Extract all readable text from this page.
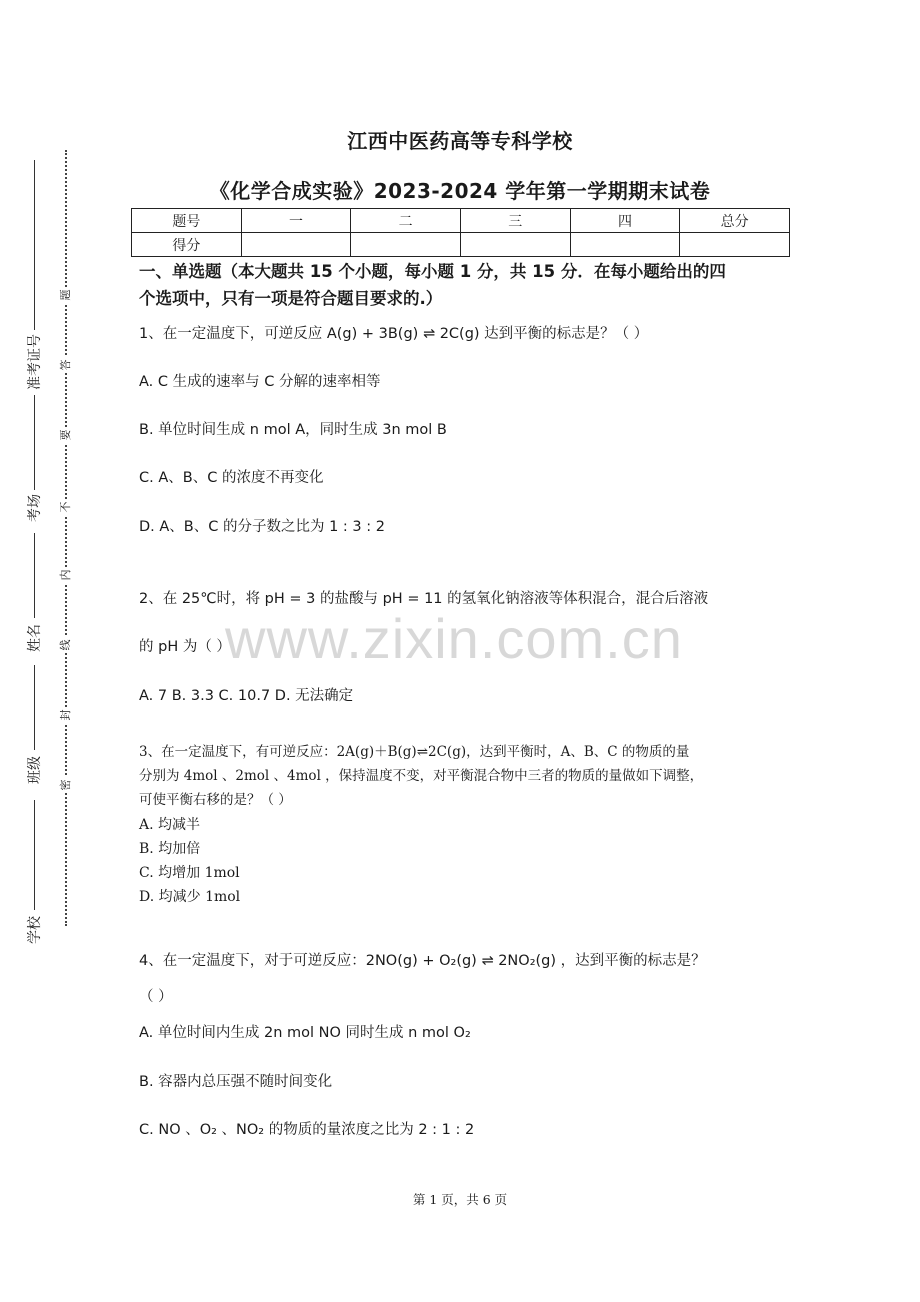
准考证号
考场
姓名
班级
学校
题
答
要
不
内
线
封
密
江西中医药高等专科学校
《化学合成实验》2023-2024 学年第一学期期末试卷
题号	一	二	三	四	总分
得分					
一、单选题（本大题共 15 个小题，每小题 1 分，共 15 分．在每小题给出的四
个选项中，只有一项是符合题目要求的.）
1、在一定温度下，可逆反应 A(g) + 3B(g) ⇌ 2C(g) 达到平衡的标志是？（ ）
A. C 生成的速率与 C 分解的速率相等
B. 单位时间生成 n mol A，同时生成 3n mol B
C. A、B、C 的浓度不再变化
D. A、B、C 的分子数之比为 1 : 3 : 2
2、在 25℃时，将 pH = 3 的盐酸与 pH = 11 的氢氧化钠溶液等体积混合，混合后溶液
的 pH 为（ ）
A. 7 B. 3.3 C. 10.7 D. 无法确定
www.zixin.com.cn
3、在一定温度下，有可逆反应：2A(g)＋B(g)⇌2C(g)，达到平衡时，A、B、C 的物质的量
分别为 4mol 、2mol 、4mol ，保持温度不变，对平衡混合物中三者的物质的量做如下调整，
可使平衡右移的是？（ ）
A. 均减半
B. 均加倍
C. 均增加 1mol
D. 均减少 1mol
4、在一定温度下，对于可逆反应：2NO(g) + O₂(g) ⇌ 2NO₂(g) ，达到平衡的标志是？
（ ）
A. 单位时间内生成 2n mol NO 同时生成 n mol O₂
B. 容器内总压强不随时间变化
C. NO 、O₂ 、NO₂ 的物质的量浓度之比为 2 : 1 : 2
第 1 页，共 6 页
